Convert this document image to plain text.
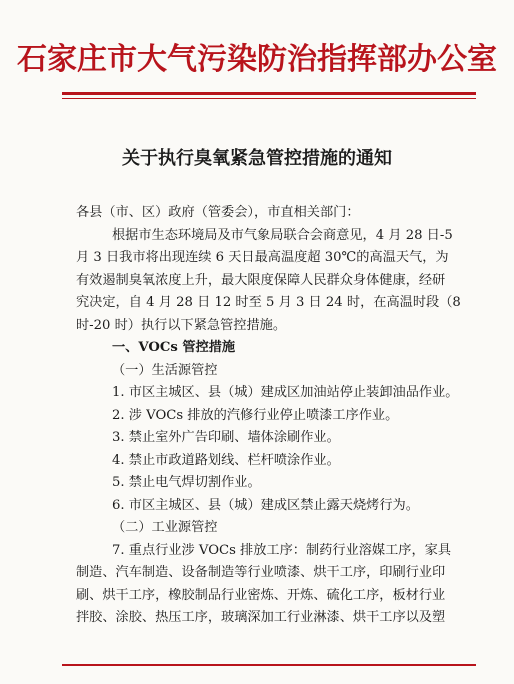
石家庄市大气污染防治指挥部办公室
关于执行臭氧紧急管控措施的通知
各县（市、区）政府（管委会），市直相关部门：
根据市生态环境局及市气象局联合会商意见，4 月 28 日-5
月 3 日我市将出现连续 6 天日最高温度超 30℃的高温天气，为
有效遏制臭氧浓度上升，最大限度保障人民群众身体健康，经研
究决定，自 4 月 28 日 12 时至 5 月 3 日 24 时，在高温时段（8
时-20 时）执行以下紧急管控措施。
一、VOCs 管控措施
（一）生活源管控
1. 市区主城区、县（城）建成区加油站停止装卸油品作业。
2. 涉 VOCs 排放的汽修行业停止喷漆工序作业。
3. 禁止室外广告印刷、墙体涂刷作业。
4. 禁止市政道路划线、栏杆喷涂作业。
5. 禁止电气焊切割作业。
6. 市区主城区、县（城）建成区禁止露天烧烤行为。
（二）工业源管控
7. 重点行业涉 VOCs 排放工序：制药行业溶媒工序，家具
制造、汽车制造、设备制造等行业喷漆、烘干工序，印刷行业印
刷、烘干工序，橡胶制品行业密炼、开炼、硫化工序，板材行业
拌胶、涂胶、热压工序，玻璃深加工行业淋漆、烘干工序以及塑
